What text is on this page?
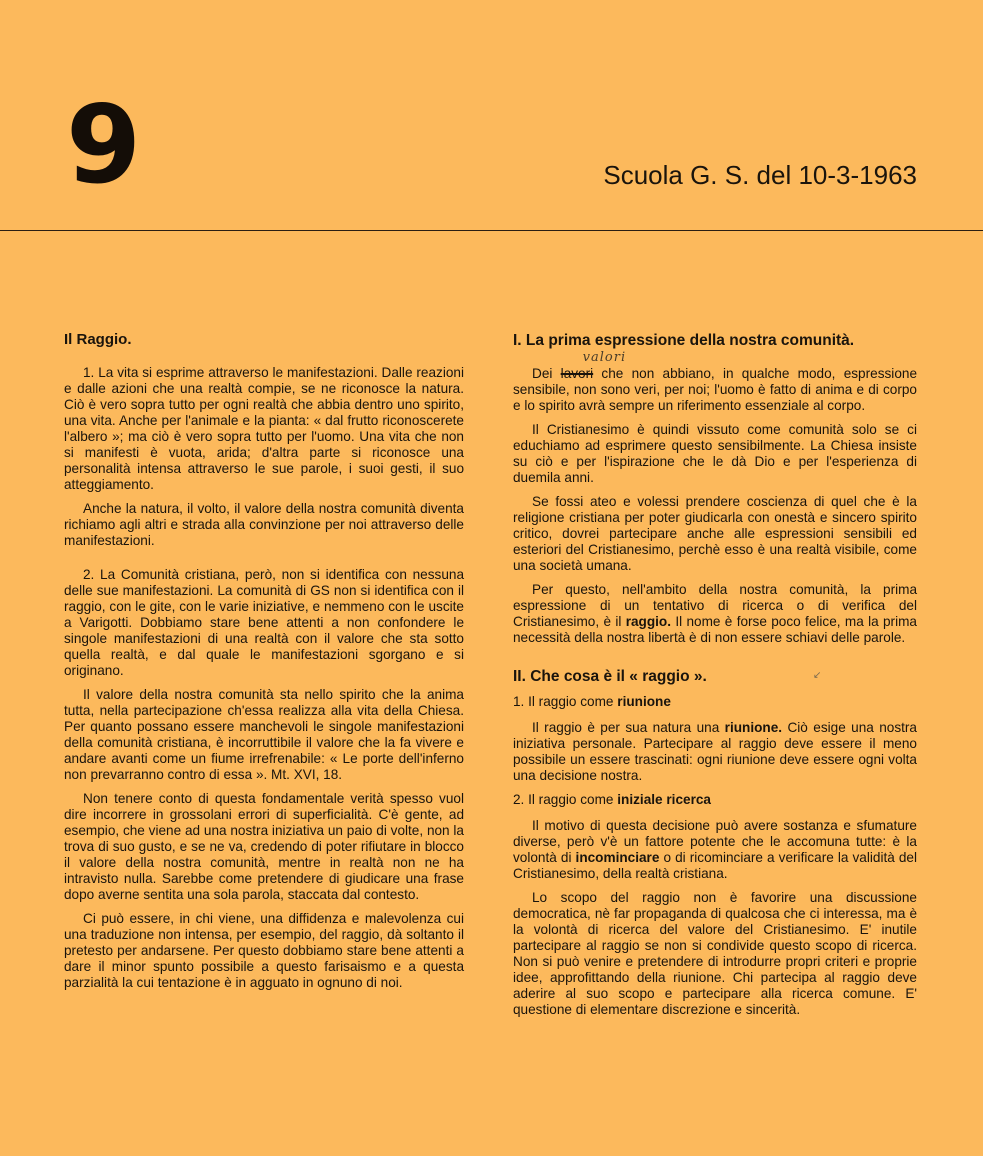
9	Scuola G. S. del 10-3-1963
Il Raggio.

1. La vita si esprime attraverso le manifestazioni. Dalle reazioni e dalle azioni che una realtà compie, se ne riconosce la natura. Ciò è vero sopra tutto per ogni realtà che abbia dentro uno spirito, una vita. Anche per l'animale e la pianta: « dal frutto riconoscerete l'albero »; ma ciò è vero sopra tutto per l'uomo. Una vita che non si manifesti è vuota, arida; d'altra parte si riconosce una personalità intensa attraverso le sue parole, i suoi gesti, il suo atteggiamento.

Anche la natura, il volto, il valore della nostra comunità diventa richiamo agli altri e strada alla convinzione per noi attraverso delle manifestazioni.

2. La Comunità cristiana, però, non si identifica con nessuna delle sue manifestazioni. La comunità di GS non si identifica con il raggio, con le gite, con le varie iniziative, e nemmeno con le uscite a Varigotti. Dobbiamo stare bene attenti a non confondere le singole manifestazioni di una realtà con il valore che sta sotto quella realtà, e dal quale le manifestazioni sgorgano e si originano.

Il valore della nostra comunità sta nello spirito che la anima tutta, nella partecipazione ch'essa realizza alla vita della Chiesa. Per quanto possano essere manchevoli le singole manifestazioni della comunità cristiana, è incorruttibile il valore che la fa vivere e andare avanti come un fiume irrefrenabile: « Le porte dell'inferno non prevarranno contro di essa ». Mt. XVI, 18.

Non tenere conto di questa fondamentale verità spesso vuol dire incorrere in grossolani errori di superficialità. C'è gente, ad esempio, che viene ad una nostra iniziativa un paio di volte, non la trova di suo gusto, e se ne va, credendo di poter rifiutare in blocco il valore della nostra comunità, mentre in realtà non ne ha intravisto nulla. Sarebbe come pretendere di giudicare una frase dopo averne sentita una sola parola, staccata dal contesto.

Ci può essere, in chi viene, una diffidenza e malevolenza cui una traduzione non intensa, per esempio, del raggio, dà soltanto il pretesto per andarsene. Per questo dobbiamo stare bene attenti a dare il minor spunto possibile a questo farisaismo e a questa parzialità la cui tentazione è in agguato in ognuno di noi.

I. La prima espressione della nostra comunità.

Dei lavori
valori
che non abbiano, in qualche modo, espressione sensibile, non sono veri, per noi; l'uomo è fatto di anima e di corpo e lo spirito avrà sempre un riferimento essenziale al corpo.

Il Cristianesimo è quindi vissuto come comunità solo se ci educhiamo ad esprimere questo sensibilmente. La Chiesa insiste su ciò e per l'ispirazione che le dà Dio e per l'esperienza di duemila anni.

Se fossi ateo e volessi prendere coscienza di quel che è la religione cristiana per poter giudicarla con onestà e sincero spirito critico, dovrei partecipare anche alle espressioni sensibili ed esteriori del Cristianesimo, perchè esso è una realtà visibile, come una società umana.

Per questo, nell'ambito della nostra comunità, la prima espressione di un tentativo di ricerca o di verifica del Cristianesimo, è il raggio. Il nome è forse poco felice, ma la prima necessità della nostra libertà è di non essere schiavi delle parole.

II. Che cosa è il « raggio ».
1. Il raggio come riunione

Il raggio è per sua natura una riunione. Ciò esige una nostra iniziativa personale. Partecipare al raggio deve essere il meno possibile un essere trascinati: ogni riunione deve essere ogni volta una decisione nostra.

2. Il raggio come iniziale ricerca

Il motivo di questa decisione può avere sostanza e sfumature diverse, però v'è un fattore potente che le accomuna tutte: è la volontà di incominciare o di ricominciare a verificare la validità del Cristianesimo, della realtà cristiana.

Lo scopo del raggio non è favorire una discussione democratica, nè far propaganda di qualcosa che ci interessa, ma è la volontà di ricerca del valore del Cristianesimo. E' inutile partecipare al raggio se non si condivide questo scopo di ricerca. Non si può venire e pretendere di introdurre propri criteri e proprie idee, approfittando della riunione. Chi partecipa al raggio deve aderire al suo scopo e partecipare alla ricerca comune. E' questione di elementare discrezione e sincerità.

↙
